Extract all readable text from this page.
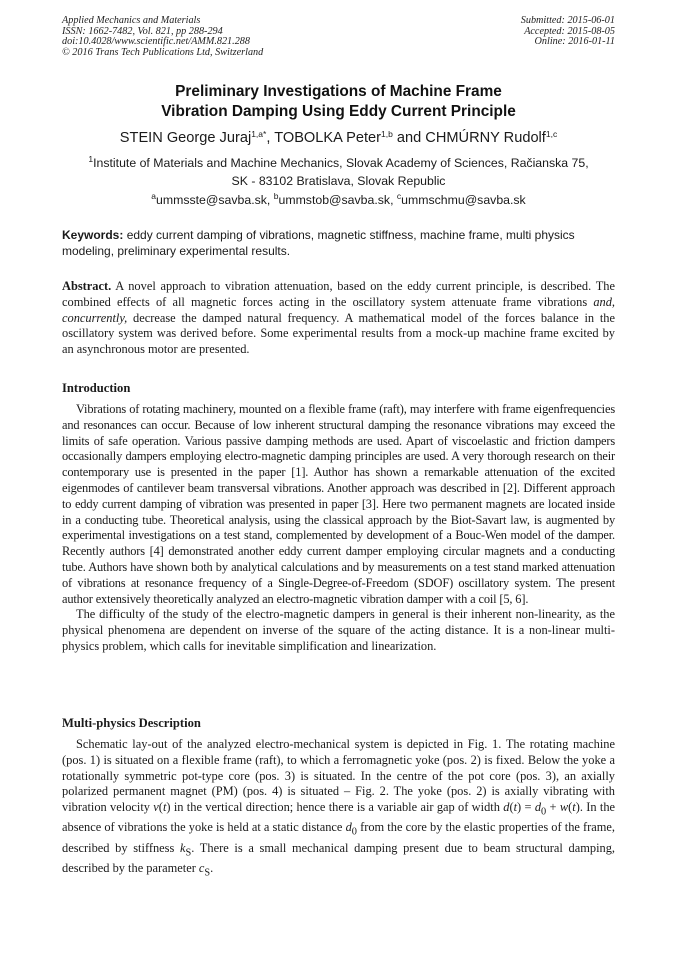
Applied Mechanics and Materials
ISSN: 1662-7482, Vol. 821, pp 288-294
doi:10.4028/www.scientific.net/AMM.821.288
© 2016 Trans Tech Publications Ltd, Switzerland
Submitted: 2015-06-01
Accepted: 2015-08-05
Online: 2016-01-11
Preliminary Investigations of Machine Frame
Vibration Damping Using Eddy Current Principle
STEIN George Juraj$^{1,a*}$, TOBOLKA Peter$^{1,b}$ and CHMÚRNY Rudolf$^{1,c}$
$^1$Institute of Materials and Machine Mechanics, Slovak Academy of Sciences, Račianska 75,
SK - 83102 Bratislava, Slovak Republic
$^a$ummsste@savba.sk, $^b$ummstob@savba.sk, $^c$ummschmu@savba.sk
Keywords: eddy current damping of vibrations, magnetic stiffness, machine frame, multi physics modeling, preliminary experimental results.
Abstract. A novel approach to vibration attenuation, based on the eddy current principle, is described. The combined effects of all magnetic forces acting in the oscillatory system attenuate frame vibrations and, concurrently, decrease the damped natural frequency. A mathematical model of the forces balance in the oscillatory system was derived before. Some experimental results from a mock-up machine frame excited by an asynchronous motor are presented.
Introduction

Vibrations of rotating machinery, mounted on a flexible frame (raft), may interfere with frame eigenfrequencies and resonances can occur. Because of low inherent structural damping the resonance vibrations may exceed the limits of safe operation. Various passive damping methods are used. Apart of viscoelastic and friction dampers occasionally dampers employing electro-magnetic damping principles are used. A very thorough research on their contemporary use is presented in the paper [1]. Author has shown a remarkable attenuation of the excited eigenmodes of cantilever beam transversal vibrations. Another approach was described in [2]. Different approach to eddy current damping of vibration was presented in paper [3]. Here two permanent magnets are located inside in a conducting tube. Theoretical analysis, using the classical approach by the Biot-Savart law, is augmented by experimental investigations on a test stand, complemented by development of a Bouc-Wen model of the damper. Recently authors [4] demonstrated another eddy current damper employing circular magnets and a conducting tube. Authors have shown both by analytical calculations and by measurements on a test stand marked attenuation of vibrations at resonance frequency of a Single-Degree-of-Freedom (SDOF) oscillatory system. The present author extensively theoretically analyzed an electro-magnetic vibration damper with a coil [5, 6].

The difficulty of the study of the electro-magnetic dampers in general is their inherent non-linearity, as the physical phenomena are dependent on inverse of the square of the acting distance. It is a non-linear multi-physics problem, which calls for inevitable simplification and linearization.

Multi-physics Description

Schematic lay-out of the analyzed electro-mechanical system is depicted in Fig. 1. The rotating machine (pos. 1) is situated on a flexible frame (raft), to which a ferromagnetic yoke (pos. 2) is fixed. Below the yoke a rotationally symmetric pot-type core (pos. 3) is situated. In the centre of the pot core (pos. 3), an axially polarized permanent magnet (PM) (pos. 4) is situated – Fig. 2. The yoke (pos. 2) is axially vibrating with vibration velocity v(t) in the vertical direction; hence there is a variable air gap of width $d(t) = d_0 + w(t)$. In the absence of vibrations the yoke is held at a static distance $d_0$ from the core by the elastic properties of the frame, described by stiffness $k_S$. There is a small mechanical damping present due to beam structural damping, described by the parameter $c_S$.
